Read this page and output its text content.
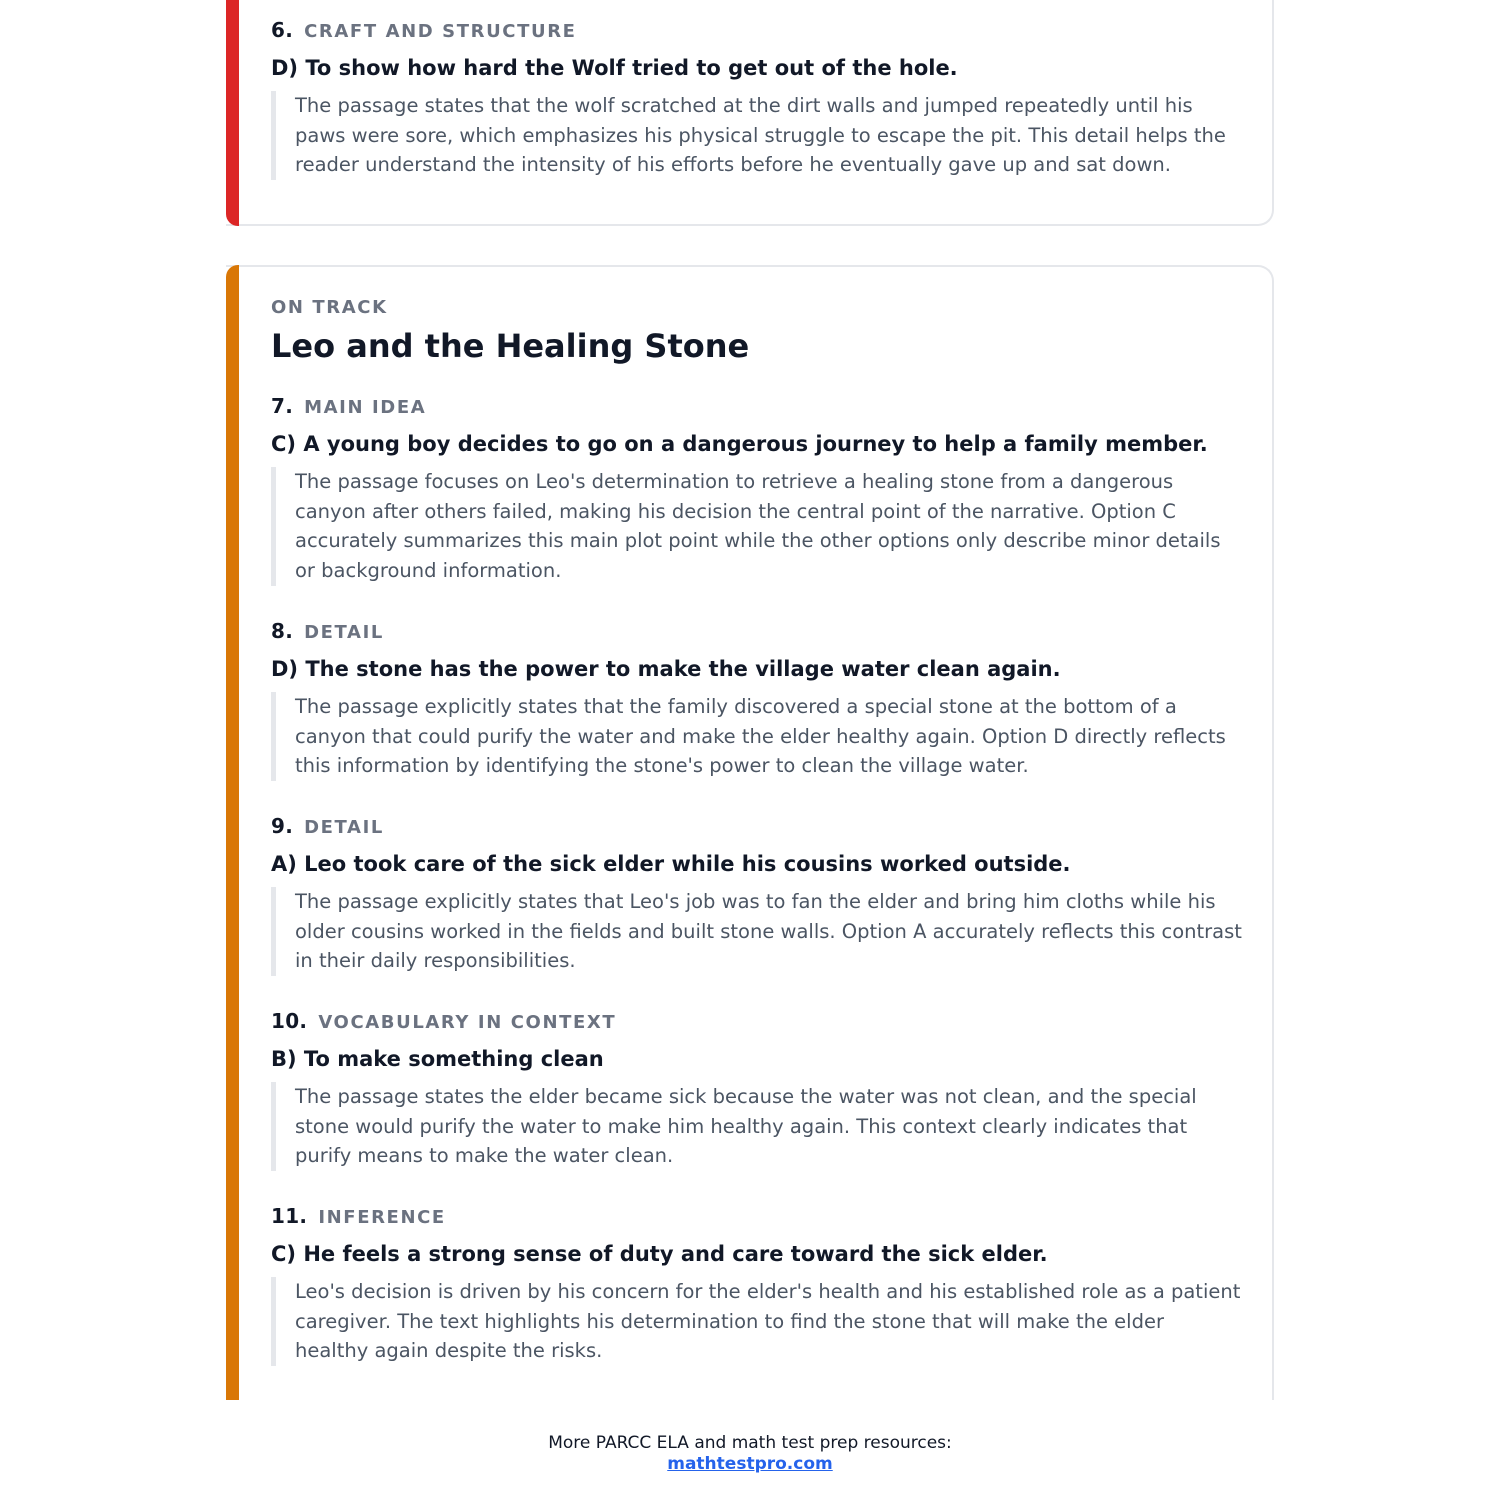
6. CRAFT AND STRUCTURE
D) To show how hard the Wolf tried to get out of the hole.
The passage states that the wolf scratched at the dirt walls and jumped repeatedly until his paws were sore, which emphasizes his physical struggle to escape the pit. This detail helps the reader understand the intensity of his efforts before he eventually gave up and sat down.
ON TRACK
Leo and the Healing Stone
7. MAIN IDEA
C) A young boy decides to go on a dangerous journey to help a family member.
The passage focuses on Leo's determination to retrieve a healing stone from a dangerous canyon after others failed, making his decision the central point of the narrative. Option C accurately summarizes this main plot point while the other options only describe minor details or background information.
8. DETAIL
D) The stone has the power to make the village water clean again.
The passage explicitly states that the family discovered a special stone at the bottom of a canyon that could purify the water and make the elder healthy again. Option D directly reflects this information by identifying the stone's power to clean the village water.
9. DETAIL
A) Leo took care of the sick elder while his cousins worked outside.
The passage explicitly states that Leo's job was to fan the elder and bring him cloths while his older cousins worked in the fields and built stone walls. Option A accurately reflects this contrast in their daily responsibilities.
10. VOCABULARY IN CONTEXT
B) To make something clean
The passage states the elder became sick because the water was not clean, and the special stone would purify the water to make him healthy again. This context clearly indicates that purify means to make the water clean.
11. INFERENCE
C) He feels a strong sense of duty and care toward the sick elder.
Leo's decision is driven by his concern for the elder's health and his established role as a patient caregiver. The text highlights his determination to find the stone that will make the elder healthy again despite the risks.
More PARCC ELA and math test prep resources:
mathtestpro.com
